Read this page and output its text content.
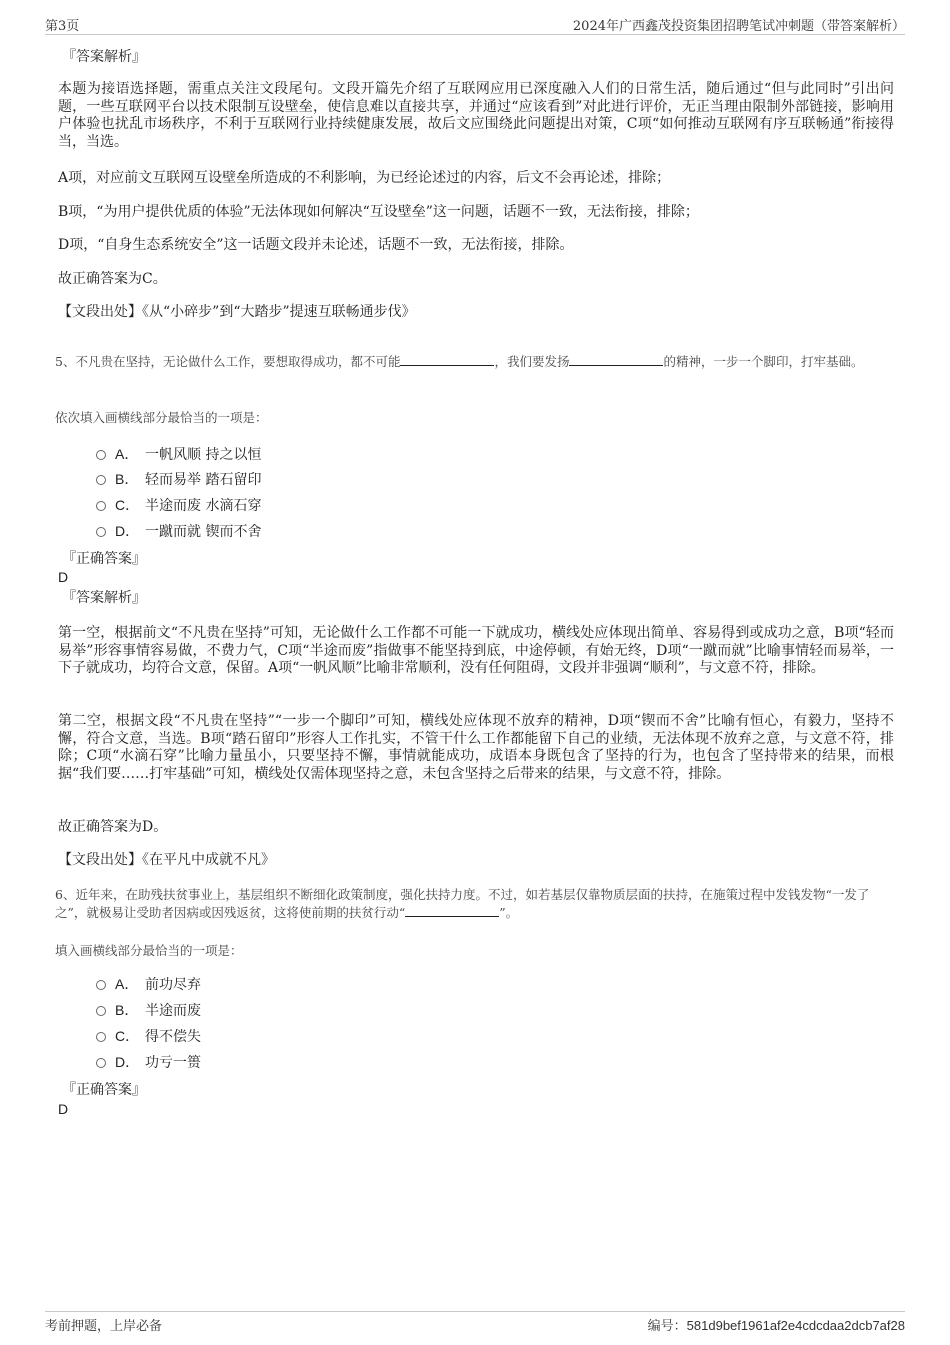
第3页	2024年广西鑫茂投资集团招聘笔试冲刺题（带答案解析）
『答案解析』
本题为接语选择题，需重点关注文段尾句。文段开篇先介绍了互联网应用已深度融入人们的日常生活，随后通过“但与此同时”引出问题，一些互联网平台以技术限制互设壁垒，使信息难以直接共享，并通过“应该看到”对此进行评价，无正当理由限制外部链接，影响用户体验也扰乱市场秩序，不利于互联网行业持续健康发展，故后文应围绕此问题提出对策，C项“如何推动互联网有序互联畅通”衔接得当，当选。
A项，对应前文互联网互设壁垒所造成的不利影响，为已经论述过的内容，后文不会再论述，排除；
B项，“为用户提供优质的体验”无法体现如何解决“互设壁垒”这一问题，话题不一致，无法衔接，排除；
D项，“自身生态系统安全”这一话题文段并未论述，话题不一致，无法衔接，排除。
故正确答案为C。
【文段出处】《从“小碎步”到“大踏步”提速互联畅通步伐》
5、不凡贵在坚持，无论做什么工作，要想取得成功，都不可能	，我们要发扬	的精神，一步一个脚印，打牢基础。
依次填入画横线部分最恰当的一项是：
A． 一帆风顺 持之以恒
B． 轻而易举 踏石留印
C． 半途而废 水滴石穿
D． 一蹴而就 锲而不舍
『正确答案』
D
『答案解析』
第一空，根据前文“不凡贵在坚持”可知，无论做什么工作都不可能一下就成功，横线处应体现出简单、容易得到或成功之意，B项“轻而易举”形容事情容易做，不费力气，C项“半途而废”指做事不能坚持到底，中途停顿，有始无终，D项“一蹴而就”比喻事情轻而易举，一下子就成功，均符合文意，保留。A项“一帆风顺”比喻非常顺利，没有任何阻碍，文段并非强调“顺利”，与文意不符，排除。
第二空，根据文段“不凡贵在坚持”“一步一个脚印”可知，横线处应体现不放弃的精神，D项“锲而不舍”比喻有恒心，有毅力，坚持不懈，符合文意，当选。B项“踏石留印”形容人工作扎实，不管干什么工作都能留下自己的业绩，无法体现不放弃之意，与文意不符，排除；C项“水滴石穿”比喻力量虽小，只要坚持不懈，事情就能成功，成语本身既包含了坚持的行为，也包含了坚持带来的结果，而根据“我们要……打牢基础”可知，横线处仅需体现坚持之意，未包含坚持之后带来的结果，与文意不符，排除。
故正确答案为D。
【文段出处】《在平凡中成就不凡》
6、近年来，在助残扶贫事业上，基层组织不断细化政策制度，强化扶持力度。不过，如若基层仅靠物质层面的扶持，在施策过程中发钱发物“一发了之”，就极易让受助者因病或因残返贫，这将使前期的扶贫行动“	”。
填入画横线部分最恰当的一项是：
A． 前功尽弃
B． 半途而废
C． 得不偿失
D． 功亏一篑
『正确答案』
D
考前押题，上岸必备	编号：581d9bef1961af2e4cdcdaa2dcb7af28
